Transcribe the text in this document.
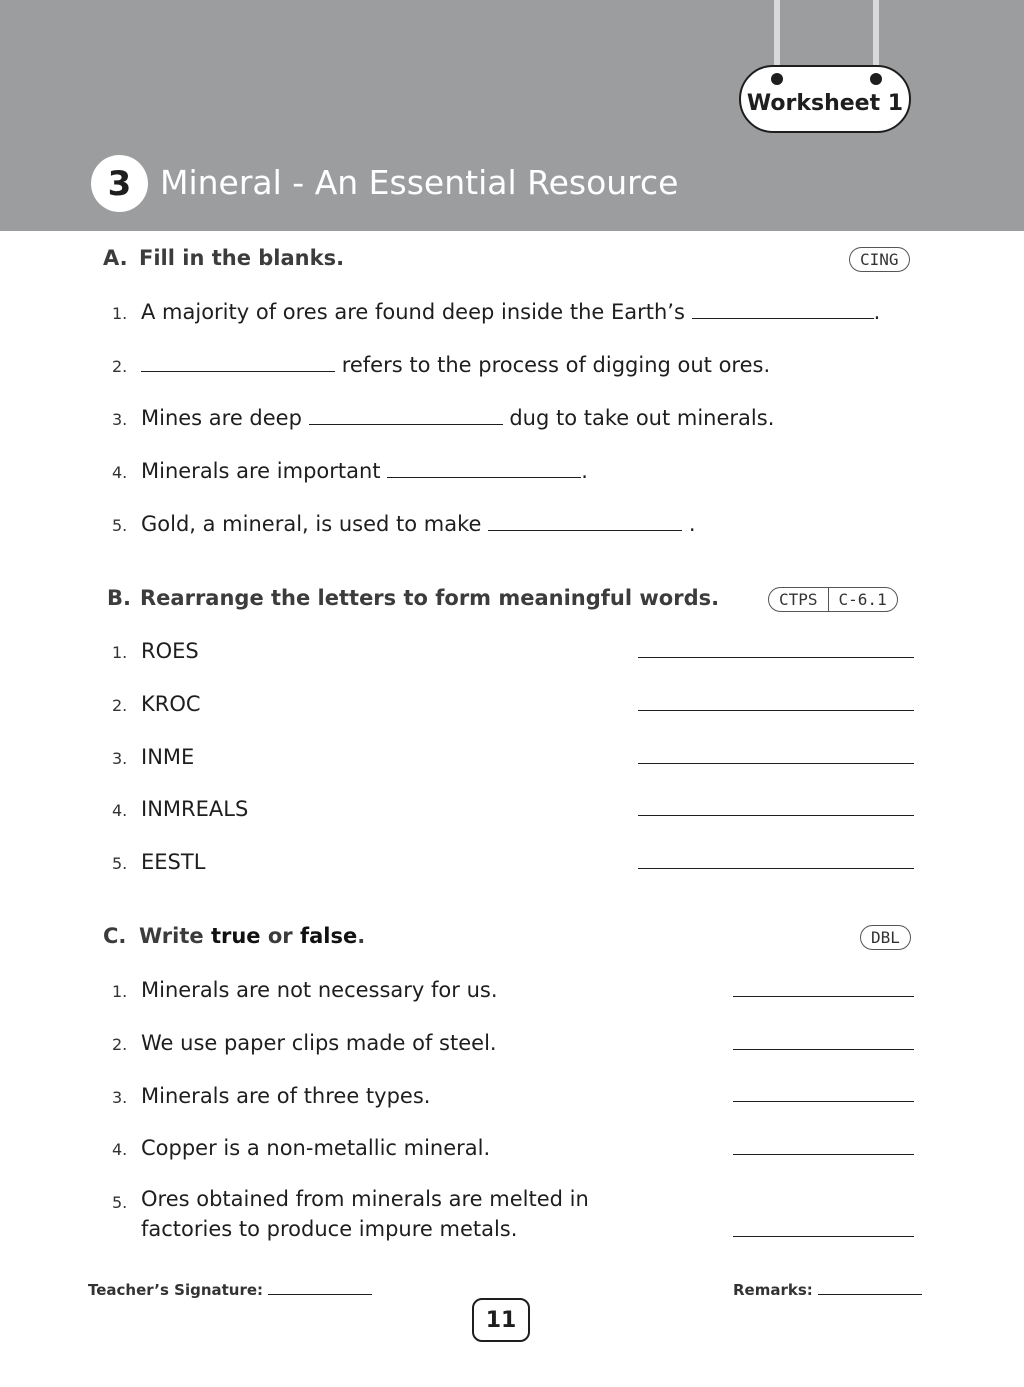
Worksheet 1
3 Mineral - An Essential Resource
A. Fill in the blanks.	CING
1. A majority of ores are found deep inside the Earth’s	.
2.	refers to the process of digging out ores.
3. Mines are deep	dug to take out minerals.
4. Minerals are important	.
5. Gold, a mineral, is used to make	.
B. Rearrange the letters to form meaningful words.	CTPS	C-6.1
1. ROES
2. KROC
3. INME
4. INMREALS
5. EESTL
C. Write true or false.	DBL
1. Minerals are not necessary for us.
2. We use paper clips made of steel.
3. Minerals are of three types.
4. Copper is a non-metallic mineral.
5. Ores obtained from minerals are melted in
factories to produce impure metals.
Teacher’s Signature:	Remarks:
11
